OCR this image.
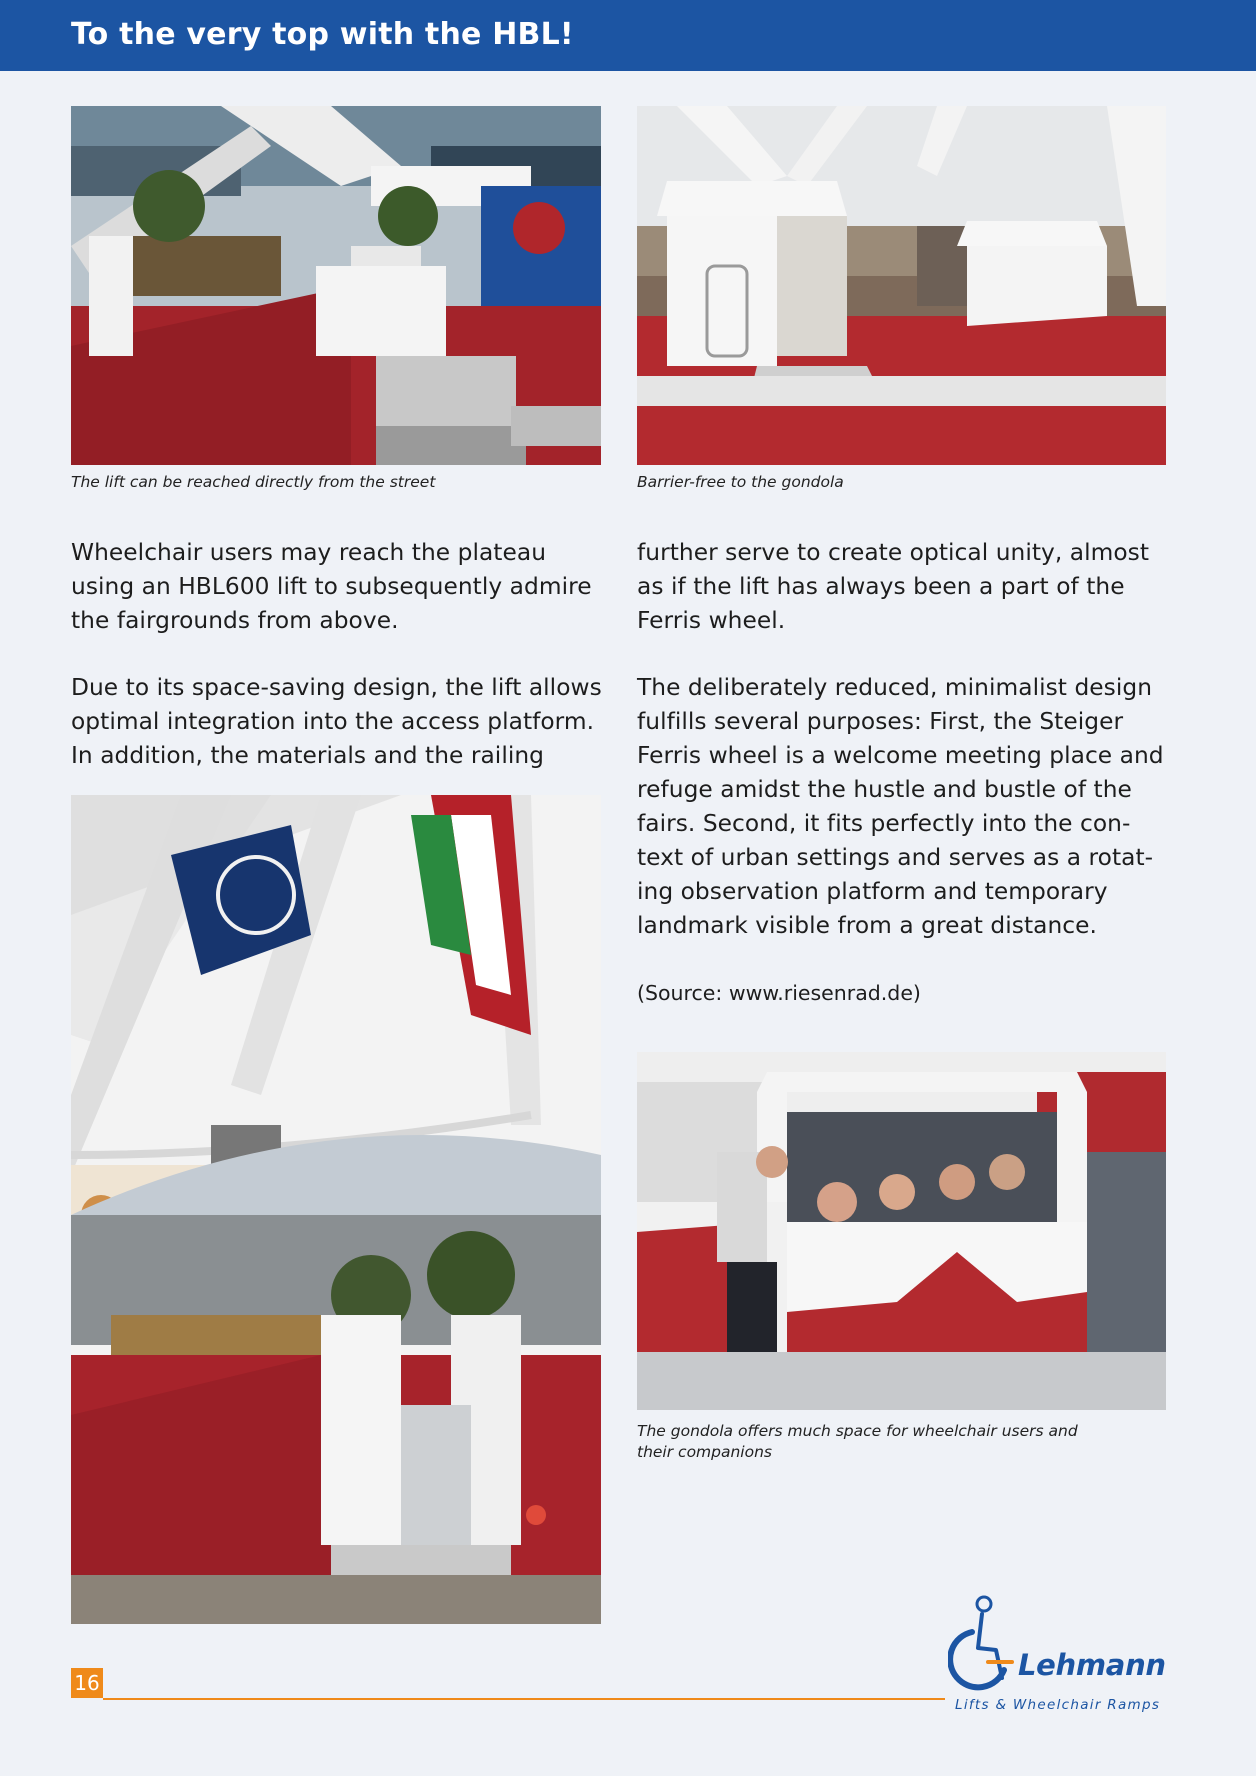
To the very top with the HBL!

The lift can be reached directly from the street	Barrier-free to the gondola

Wheelchair users may reach the plateau
using an HBL600 lift to subsequently admire
the fairgrounds from above.

Due to its space-saving design, the lift allows
optimal integration into the access platform.
In addition, the materials and the railing

further serve to create optical unity, almost
as if the lift has always been a part of the
Ferris wheel.

The deliberately reduced, minimalist design
fulfills several purposes: First, the Steiger
Ferris wheel is a welcome meeting place and
refuge amidst the hustle and bustle of the
fairs. Second, it fits perfectly into the con-
text of urban settings and serves as a rotat-
ing observation platform and temporary
landmark visible from a great distance.

(Source: www.riesenrad.de)

The gondola offers much space for wheelchair users and
their companions

16

Lehmann

Lifts & Wheelchair Ramps
